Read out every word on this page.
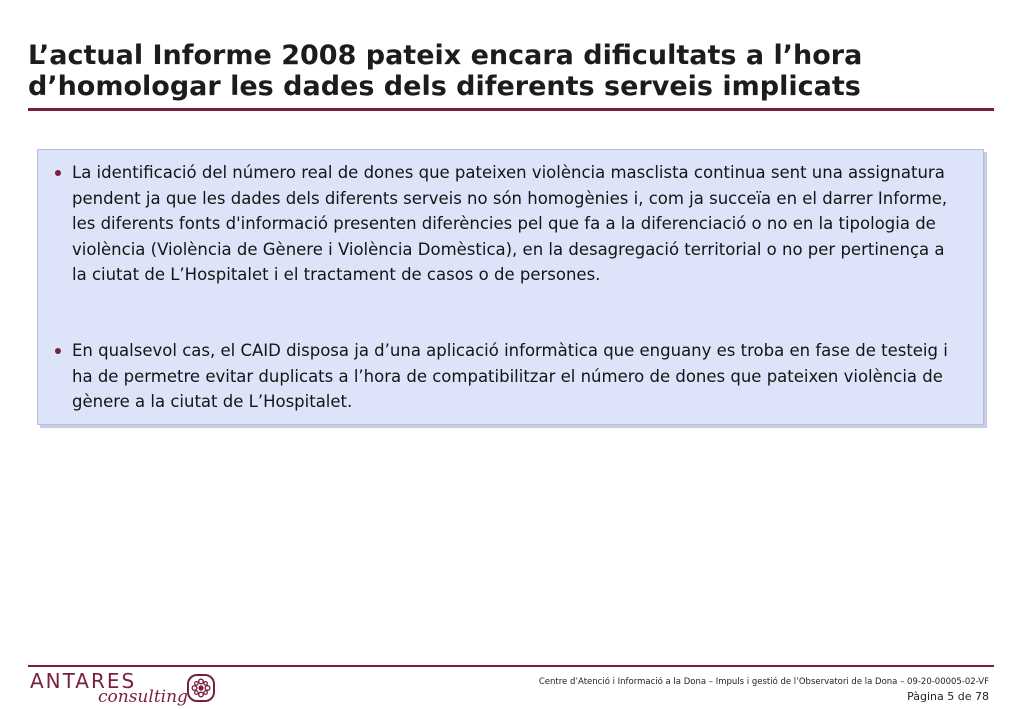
L’actual Informe 2008 pateix encara dificultats a l’hora d’homologar les dades dels diferents serveis implicats
La identificació del número real de dones que pateixen violència masclista continua sent una assignatura pendent ja que les dades dels diferents serveis no són homogènies i, com ja succeïa en el darrer Informe, les diferents fonts d'informació presenten diferències pel que fa a la diferenciació o no en la tipologia de violència (Violència de Gènere i Violència Domèstica), en la desagregació territorial o no per pertinença a la ciutat de L’Hospitalet i el tractament de casos o de persones.
En qualsevol cas, el CAID disposa ja d’una aplicació informàtica que enguany es troba en fase de testeig i ha de permetre evitar duplicats a l’hora de compatibilitzar el número de dones que pateixen violència de gènere a la ciutat de L’Hospitalet.
ANTARES
consulting
Centre d’Atenció i Informació a la Dona – Impuls i gestió de l’Observatori de la Dona – 09-20-00005-02-VF
Pàgina 5 de 78
